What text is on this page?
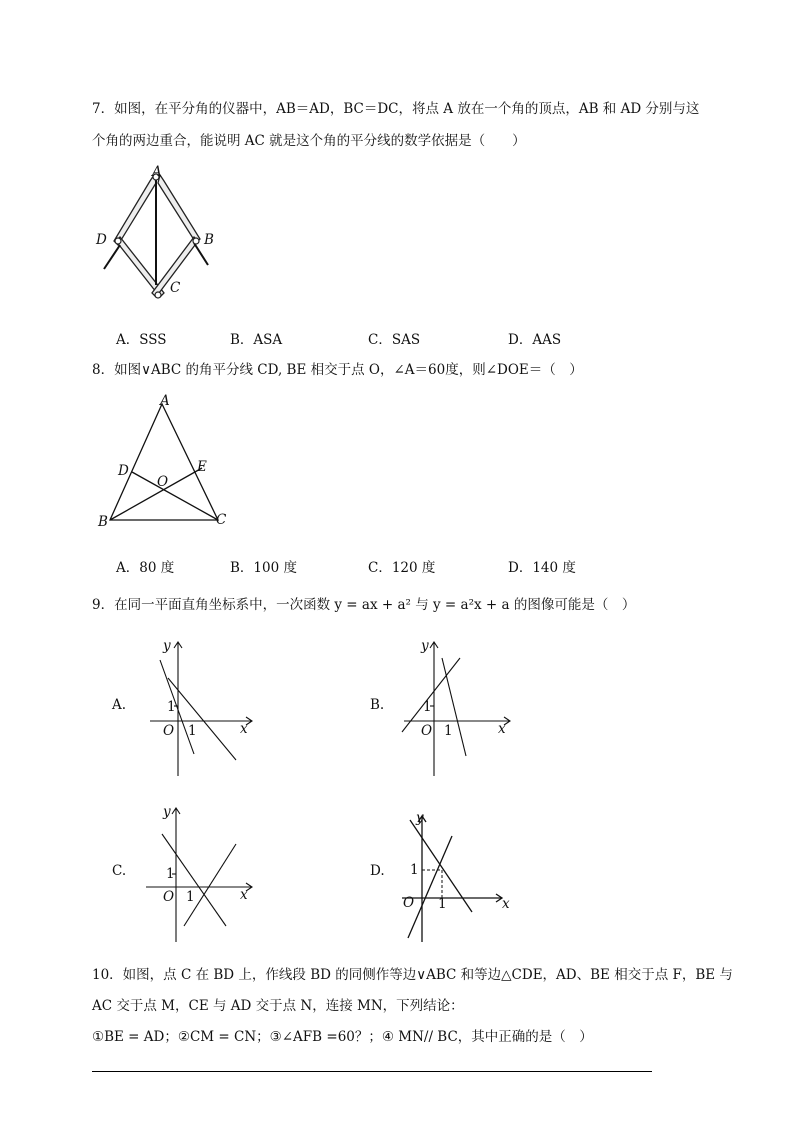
7．如图，在平分角的仪器中，AB＝AD，BC＝DC，将点 A 放在一个角的顶点，AB 和 AD 分别与这
个角的两边重合，能说明 AC 就是这个角的平分线的数学依据是（　　）
A
D	B
C
A．SSS	B．ASA	C．SAS	D．AAS
8．如图∨ABC 的角平分线 CD, BE 相交于点 O，∠A＝60度，则∠DOE＝（　）
A
D	E
O
B	C
A．80 度	B．100 度	C．120 度	D．140 度
9．在同一平面直角坐标系中，一次函数 y = ax + a² 与 y = a²x + a 的图像可能是（　）
A.
y
x
O
1
1
B.
y
x
O
1
1
C.
y
x
O
1
1
D.
y
x
O
1
1
10．如图，点 C 在 BD 上，作线段 BD 的同侧作等边∨ABC 和等边△CDE，AD、BE 相交于点 F，BE 与
AC 交于点 M，CE 与 AD 交于点 N，连接 MN，下列结论：
①BE = AD；②CM = CN；③∠AFB =60？；④ MN// BC，其中正确的是（　）
